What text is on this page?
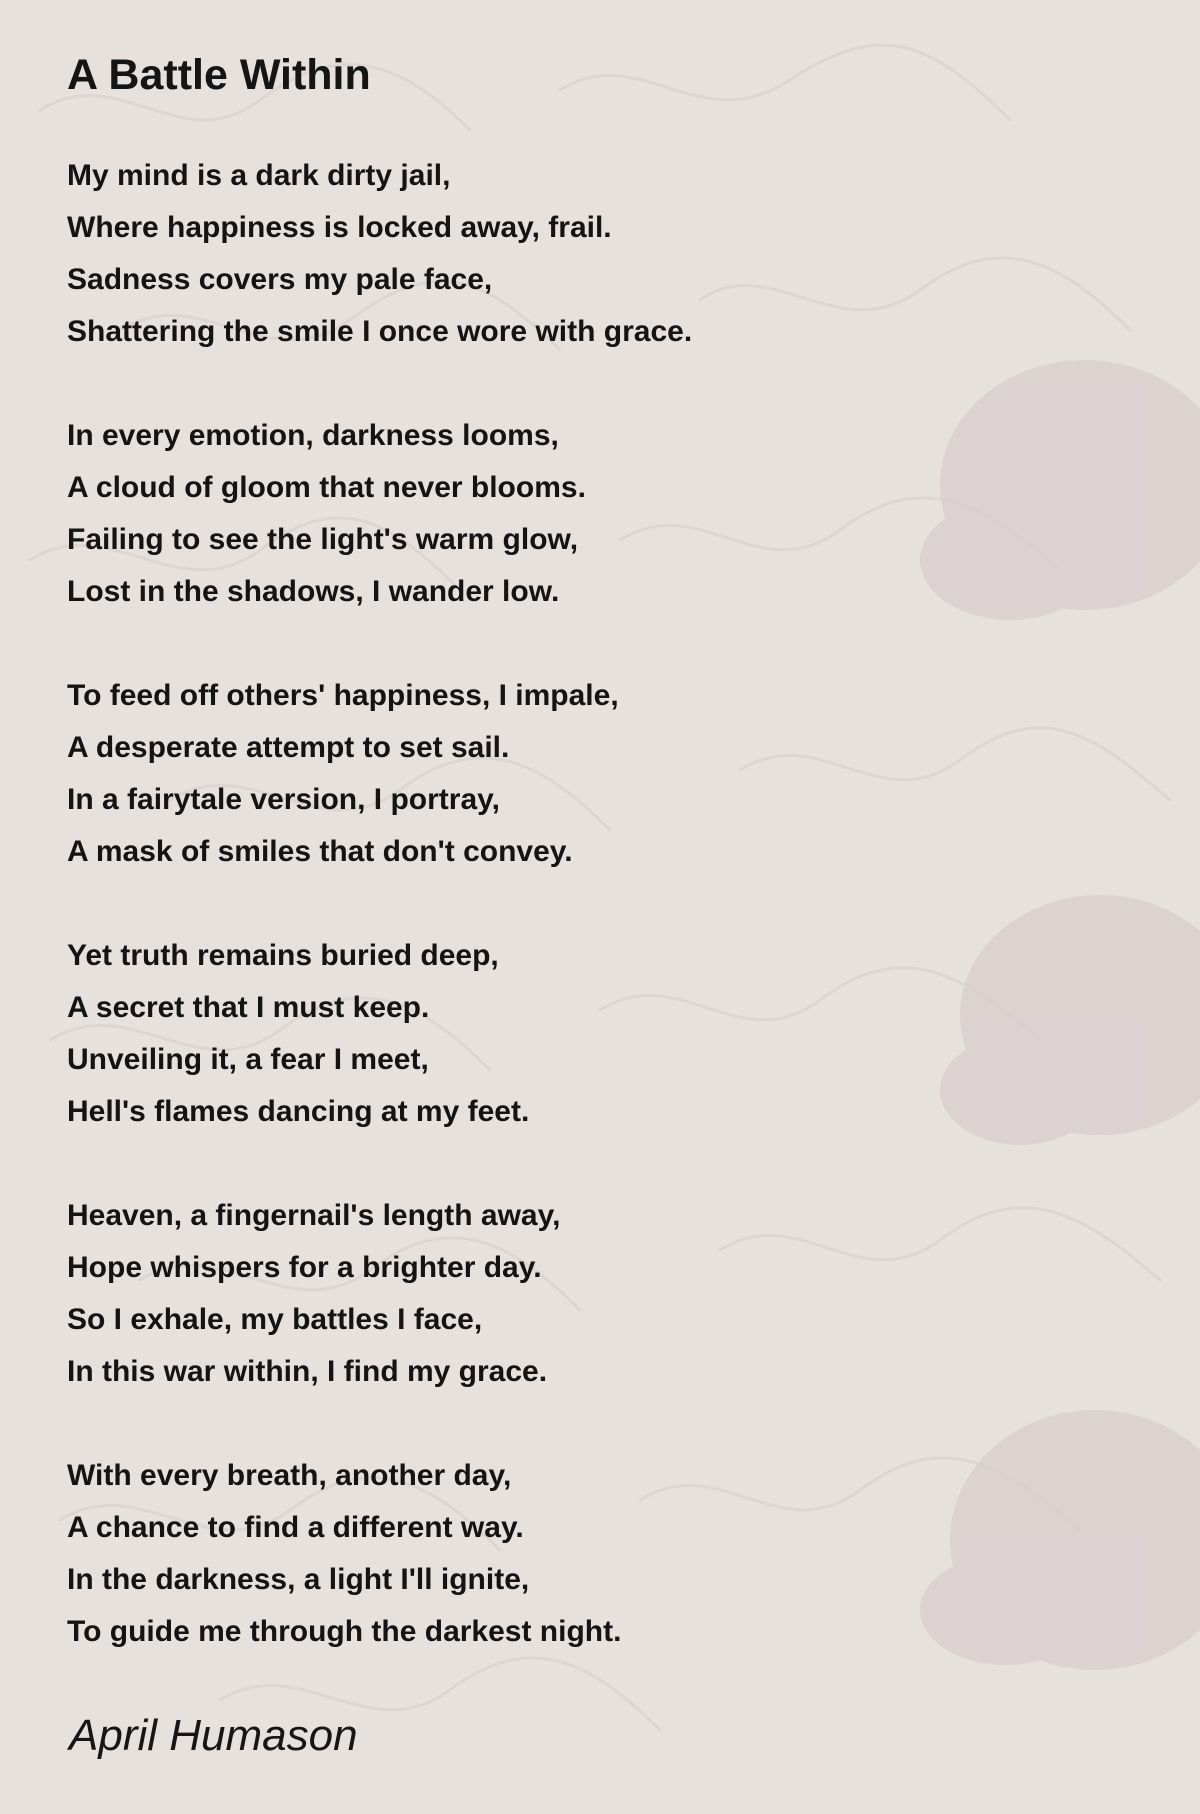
A Battle Within
My mind is a dark dirty jail,
Where happiness is locked away, frail.
Sadness covers my pale face,
Shattering the smile I once wore with grace.
In every emotion, darkness looms,
A cloud of gloom that never blooms.
Failing to see the light's warm glow,
Lost in the shadows, I wander low.
To feed off others' happiness, I impale,
A desperate attempt to set sail.
In a fairytale version, I portray,
A mask of smiles that don't convey.
Yet truth remains buried deep,
A secret that I must keep.
Unveiling it, a fear I meet,
Hell's flames dancing at my feet.
Heaven, a fingernail's length away,
Hope whispers for a brighter day.
So I exhale, my battles I face,
In this war within, I find my grace.
With every breath, another day,
A chance to find a different way.
In the darkness, a light I'll ignite,
To guide me through the darkest night.
April Humason
